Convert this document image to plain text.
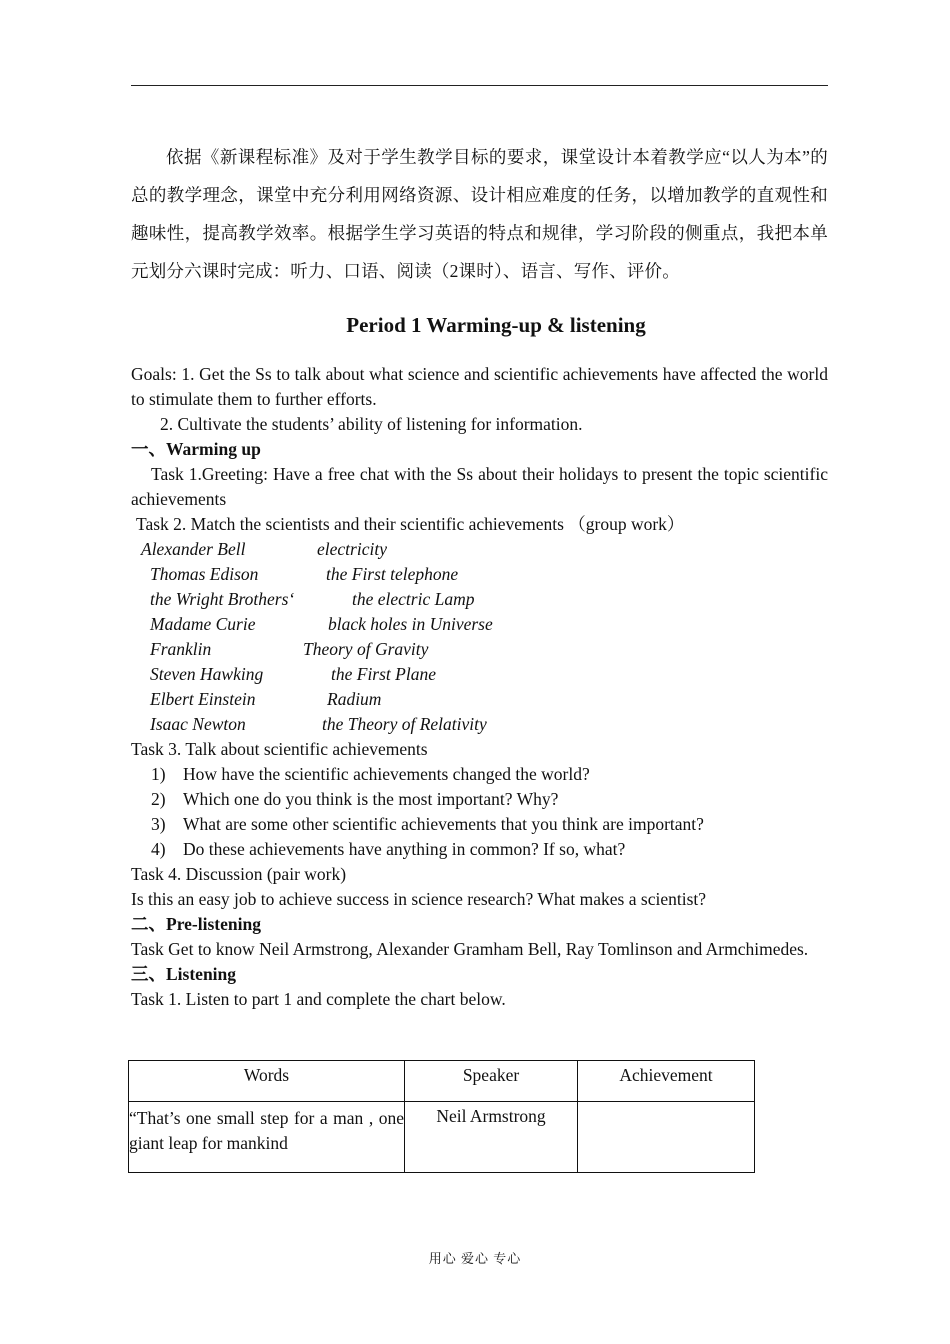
依据《新课程标准》及对于学生教学目标的要求，课堂设计本着教学应“以人为本”的总的教学理念，课堂中充分利用网络资源、设计相应难度的任务，以增加教学的直观性和趣味性，提高教学效率。根据学生学习英语的特点和规律，学习阶段的侧重点，我把本单元划分六课时完成：听力、口语、阅读（2课时）、语言、写作、评价。

Period 1 Warming-up & listening
Goals: 1. Get the Ss to talk about what science and scientific achievements have affected the world to stimulate them to further efforts.
2. Cultivate the students’ ability of listening for information.
一、Warming up
Task 1.Greeting: Have a free chat with the Ss about their holidays to present the topic scientific achievements
Task 2. Match the scientists and their scientific achievements （group work）
Alexander Bell	electricity
Thomas Edison	the First telephone
the Wright Brothers‘	the electric Lamp
Madame Curie	black holes in Universe
Franklin	Theory of Gravity
Steven Hawking	the First Plane
Elbert Einstein	Radium
Isaac Newton	the Theory of Relativity
Task 3. Talk about scientific achievements
1) How have the scientific achievements changed the world?
2) Which one do you think is the most important? Why?
3) What are some other scientific achievements that you think are important?
4) Do these achievements have anything in common? If so, what?
Task 4. Discussion (pair work)
Is this an easy job to achieve success in science research? What makes a scientist?
二、Pre-listening
Task Get to know Neil Armstrong, Alexander Gramham Bell, Ray Tomlinson and Armchimedes.
三、Listening
Task 1. Listen to part 1 and complete the chart below.
Words	Speaker	Achievement
“That’s one small step for a man , one giant leap for mankind	Neil Armstrong	
用心 爱心 专心
